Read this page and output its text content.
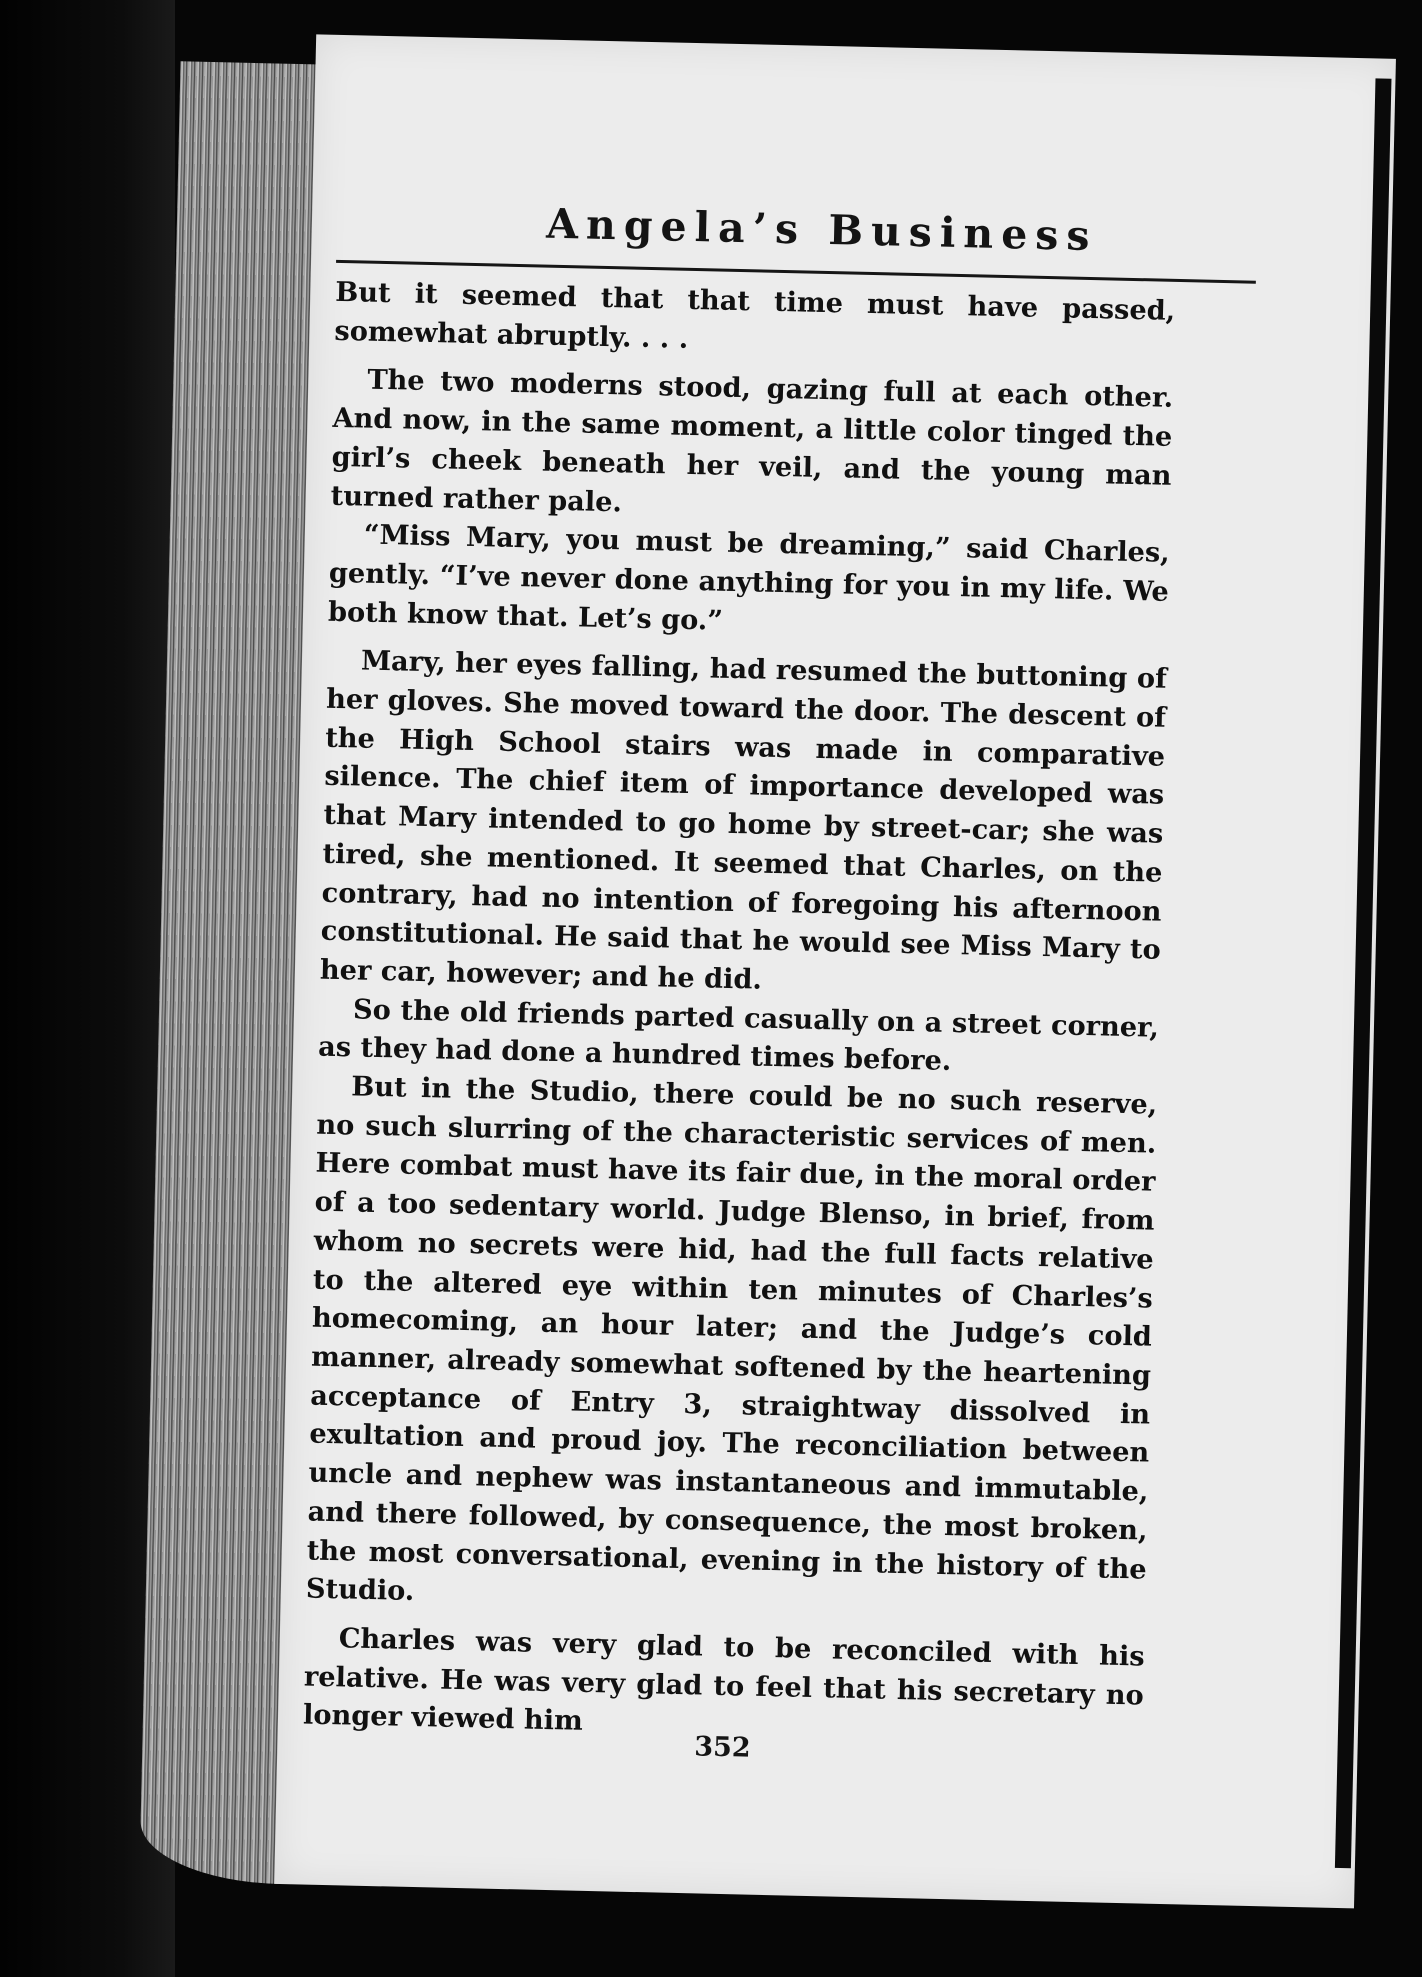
Angela’s Business

But it seemed that that time must have passed, somewhat abruptly. . . .

The two moderns stood, gazing full at each other. And now, in the same moment, a little color tinged the girl’s cheek beneath her veil, and the young man turned rather pale.

“Miss Mary, you must be dreaming,” said Charles, gently. “I’ve never done anything for you in my life. We both know that. Let’s go.”

Mary, her eyes falling, had resumed the buttoning of her gloves. She moved toward the door. The descent of the High School stairs was made in comparative silence. The chief item of importance developed was that Mary intended to go home by street-car; she was tired, she mentioned. It seemed that Charles, on the contrary, had no intention of foregoing his afternoon constitutional. He said that he would see Miss Mary to her car, however; and he did.

So the old friends parted casually on a street corner, as they had done a hundred times before.

But in the Studio, there could be no such reserve, no such slurring of the characteristic services of men. Here combat must have its fair due, in the moral order of a too sedentary world. Judge Blenso, in brief, from whom no secrets were hid, had the full facts relative to the altered eye within ten minutes of Charles’s homecoming, an hour later; and the Judge’s cold manner, already somewhat softened by the heartening acceptance of Entry 3, straightway dissolved in exultation and proud joy. The reconciliation between uncle and nephew was instantaneous and immutable, and there followed, by consequence, the most broken, the most conversational, evening in the history of the Studio.

Charles was very glad to be reconciled with his relative. He was very glad to feel that his secretary no longer viewed him

352
